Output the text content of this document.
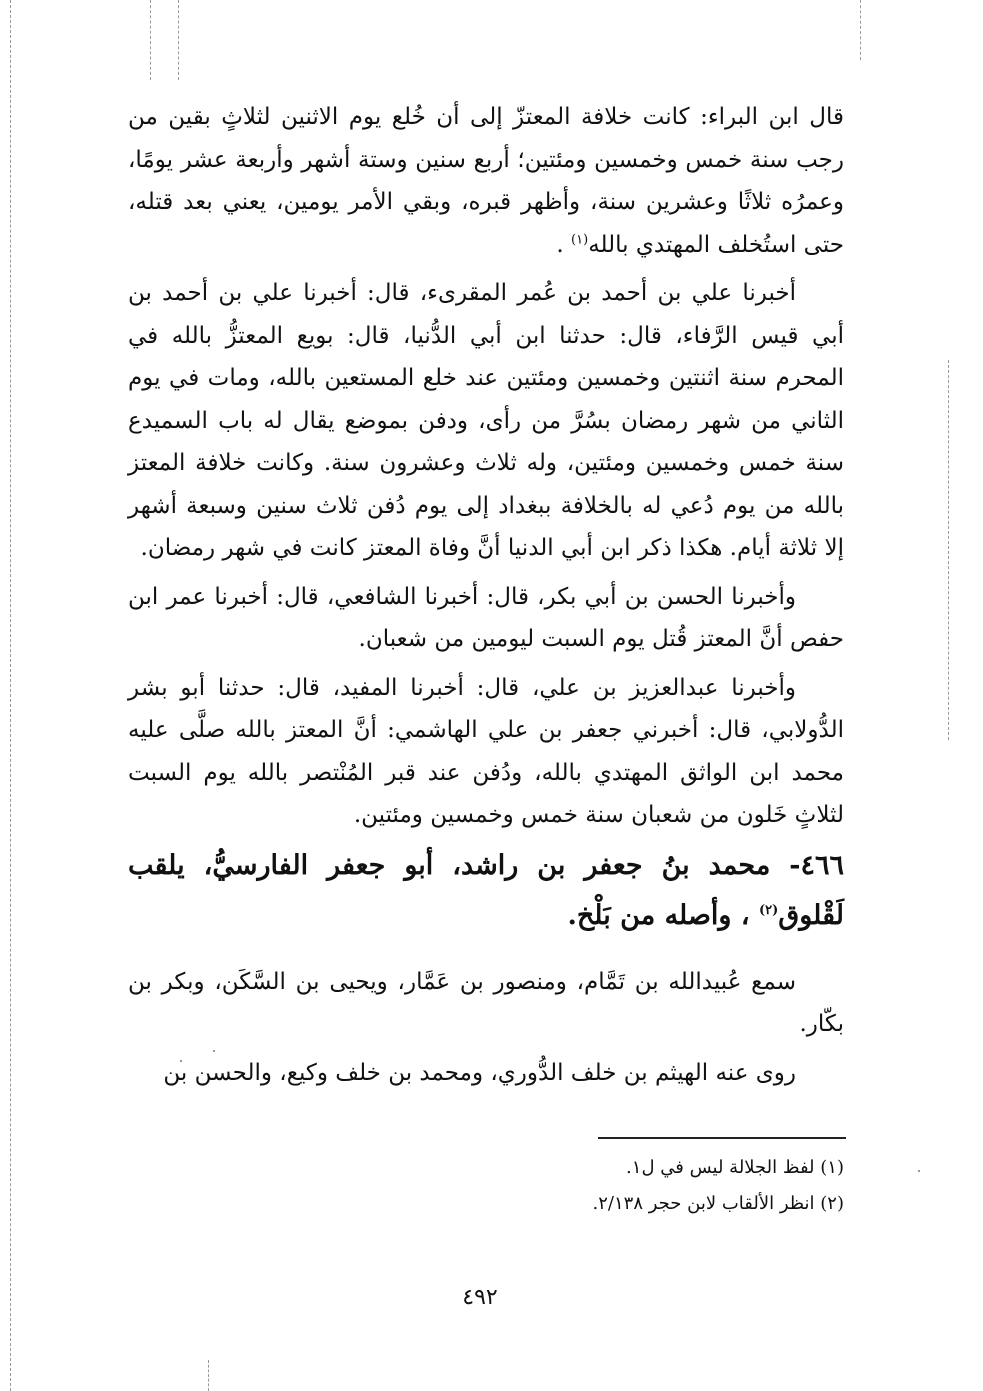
قال ابن البراء: كانت خلافة المعتزّ إلى أن خُلع يوم الاثنين لثلاثٍ بقين من رجب سنة خمس وخمسين ومئتين؛ أربع سنين وستة أشهر وأربعة عشر يومًا، وعمرُه ثلاثًا وعشرين سنة، وأظهر قبره، وبقي الأمر يومين، يعني بعد قتله، حتى استُخلف المهتدي بالله$^{(١)}$ .

أخبرنا علي بن أحمد بن عُمر المقرىء، قال: أخبرنا علي بن أحمد بن أبي قيس الرَّفاء، قال: حدثنا ابن أبي الدُّنيا، قال: بويع المعتزُّ بالله في المحرم سنة اثنتين وخمسين ومئتين عند خلع المستعين بالله، ومات في يوم الثاني من شهر رمضان بسُرَّ من رأى، ودفن بموضع يقال له باب السميدع سنة خمس وخمسين ومئتين، وله ثلاث وعشرون سنة. وكانت خلافة المعتز بالله من يوم دُعي له بالخلافة ببغداد إلى يوم دُفن ثلاث سنين وسبعة أشهر إلا ثلاثة أيام. هكذا ذكر ابن أبي الدنيا أنَّ وفاة المعتز كانت في شهر رمضان.

وأخبرنا الحسن بن أبي بكر، قال: أخبرنا الشافعي، قال: أخبرنا عمر ابن حفص أنَّ المعتز قُتل يوم السبت ليومين من شعبان.

وأخبرنا عبدالعزيز بن علي، قال: أخبرنا المفيد، قال: حدثنا أبو بشر الدُّولابي، قال: أخبرني جعفر بن علي الهاشمي: أنَّ المعتز بالله صلَّى عليه محمد ابن الواثق المهتدي بالله، ودُفن عند قبر المُنْتصر بالله يوم السبت لثلاثٍ خَلون من شعبان سنة خمس وخمسين ومئتين.

٤٦٦- محمد بنُ جعفر بن راشد، أبو جعفر الفارسيُّ، يلقب لَقْلوق$^{(٢)}$ ، وأصله من بَلْخ.

سمع عُبيدالله بن تَمَّام، ومنصور بن عَمَّار، ويحيى بن السَّكَن، وبكر بن بكّار.

روى عنه الهيثم بن خلف الدُّوري، ومحمد بن خلف وكيع، والحسن بن

(١) لفظ الجلالة ليس في ل١.

(٢) انظر الألقاب لابن حجر ٢/١٣٨.

٤٩٢
